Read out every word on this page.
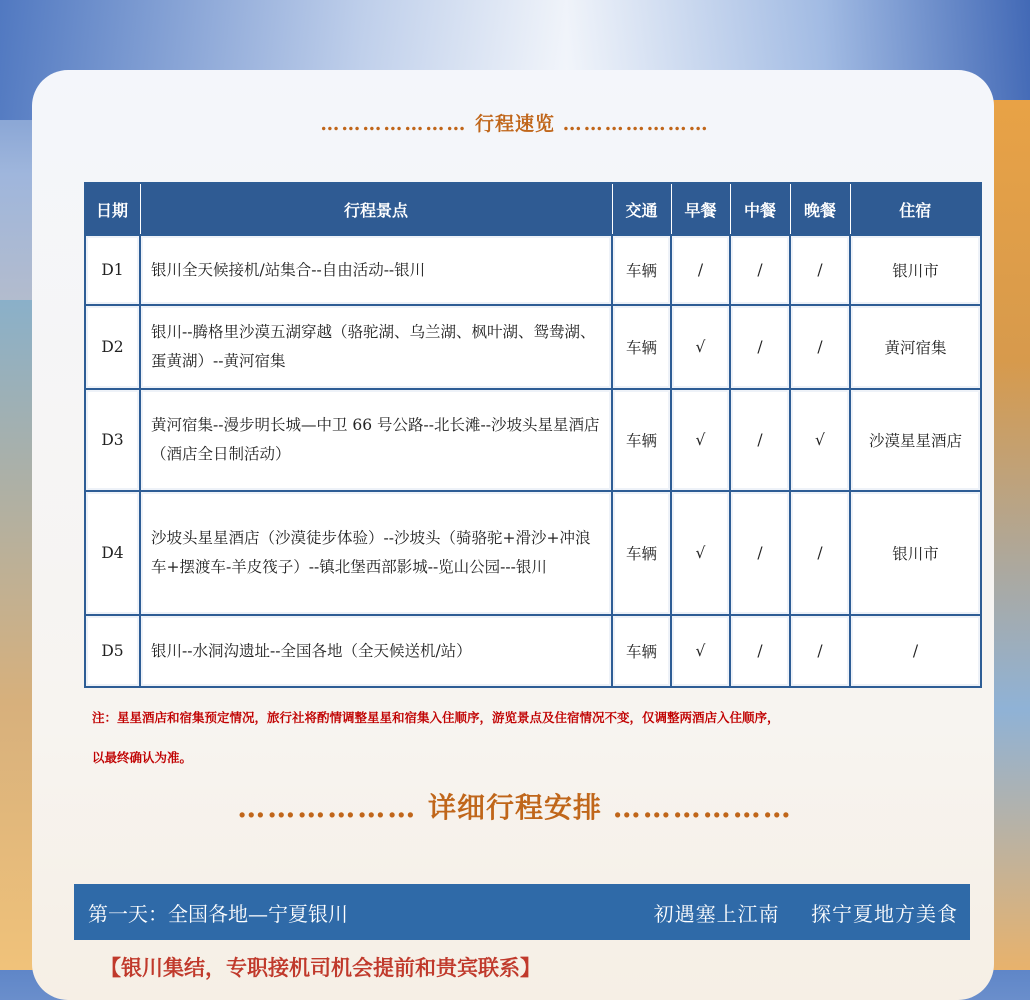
………………… 行程速览 …………………
日期	行程景点	交通	早餐	中餐	晚餐	住宿
D1	银川全天候接机/站集合--自由活动--银川	车辆	/	/	/	银川市
D2	银川--腾格里沙漠五湖穿越（骆驼湖、乌兰湖、枫叶湖、鸳鸯湖、蛋黄湖）--黄河宿集	车辆	√	/	/	黄河宿集
D3	黄河宿集--漫步明长城—中卫 66 号公路--北长滩--沙坡头星星酒店（酒店全日制活动）	车辆	√	/	√	沙漠星星酒店
D4	沙坡头星星酒店（沙漠徒步体验）--沙坡头（骑骆驼+滑沙+冲浪车+摆渡车-羊皮筏子）--镇北堡西部影城--览山公园---银川	车辆	√	/	/	银川市
D5	银川--水洞沟遗址--全国各地（全天候送机/站）	车辆	√	/	/	/
注：星星酒店和宿集预定情况，旅行社将酌情调整星星和宿集入住顺序，游览景点及住宿情况不变，仅调整两酒店入住顺序，
以最终确认为准。
……………… 详细行程安排 ………………
第一天：全国各地—宁夏银川	初遇塞上江南 探宁夏地方美食
【银川集结，专职接机司机会提前和贵宾联系】
